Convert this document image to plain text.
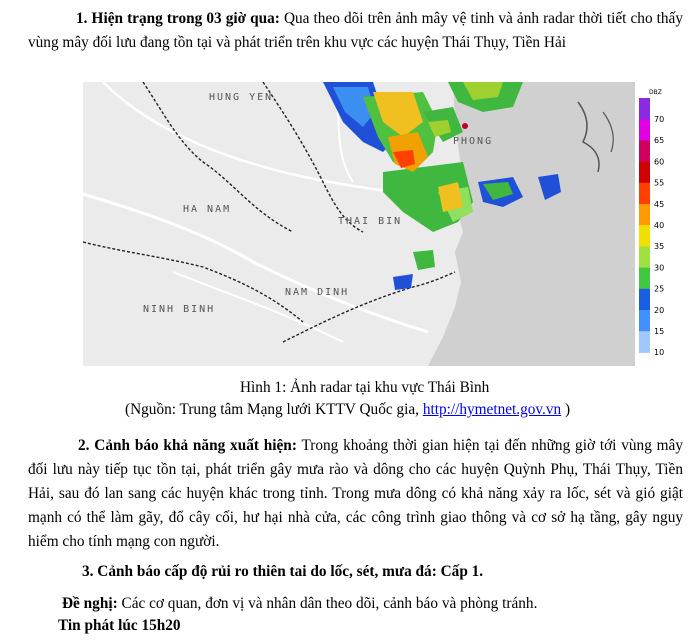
1. Hiện trạng trong 03 giờ qua: Qua theo dõi trên ảnh mây vệ tinh và ảnh radar thời tiết cho thấy vùng mây đối lưu đang tồn tại và phát triển trên khu vực các huyện Thái Thụy, Tiền Hải

HUNG YEN
PHONG
HA NAM
THAI BIN
NAM DINH
NINH BINH
DBZ
70
65
60
55
45
40
35
30
25
20
15
10
Hình 1: Ảnh radar tại khu vực Thái Bình
(Nguồn: Trung tâm Mạng lưới KTTV Quốc gia, http://hymetnet.gov.vn )

2. Cảnh báo khả năng xuất hiện: Trong khoảng thời gian hiện tại đến những giờ tới vùng mây đối lưu này tiếp tục tồn tại, phát triển gây mưa rào và dông cho các huyện Quỳnh Phụ, Thái Thụy, Tiền Hải, sau đó lan sang các huyện khác trong tỉnh. Trong mưa dông có khả năng xảy ra lốc, sét và gió giật mạnh có thể làm gãy, đổ cây cối, hư hại nhà cửa, các công trình giao thông và cơ sở hạ tầng, gây nguy hiểm cho tính mạng con người.

3. Cảnh báo cấp độ rủi ro thiên tai do lốc, sét, mưa đá: Cấp 1.

Đề nghị: Các cơ quan, đơn vị và nhân dân theo dõi, cảnh báo và phòng tránh.

Tin phát lúc 15h20
